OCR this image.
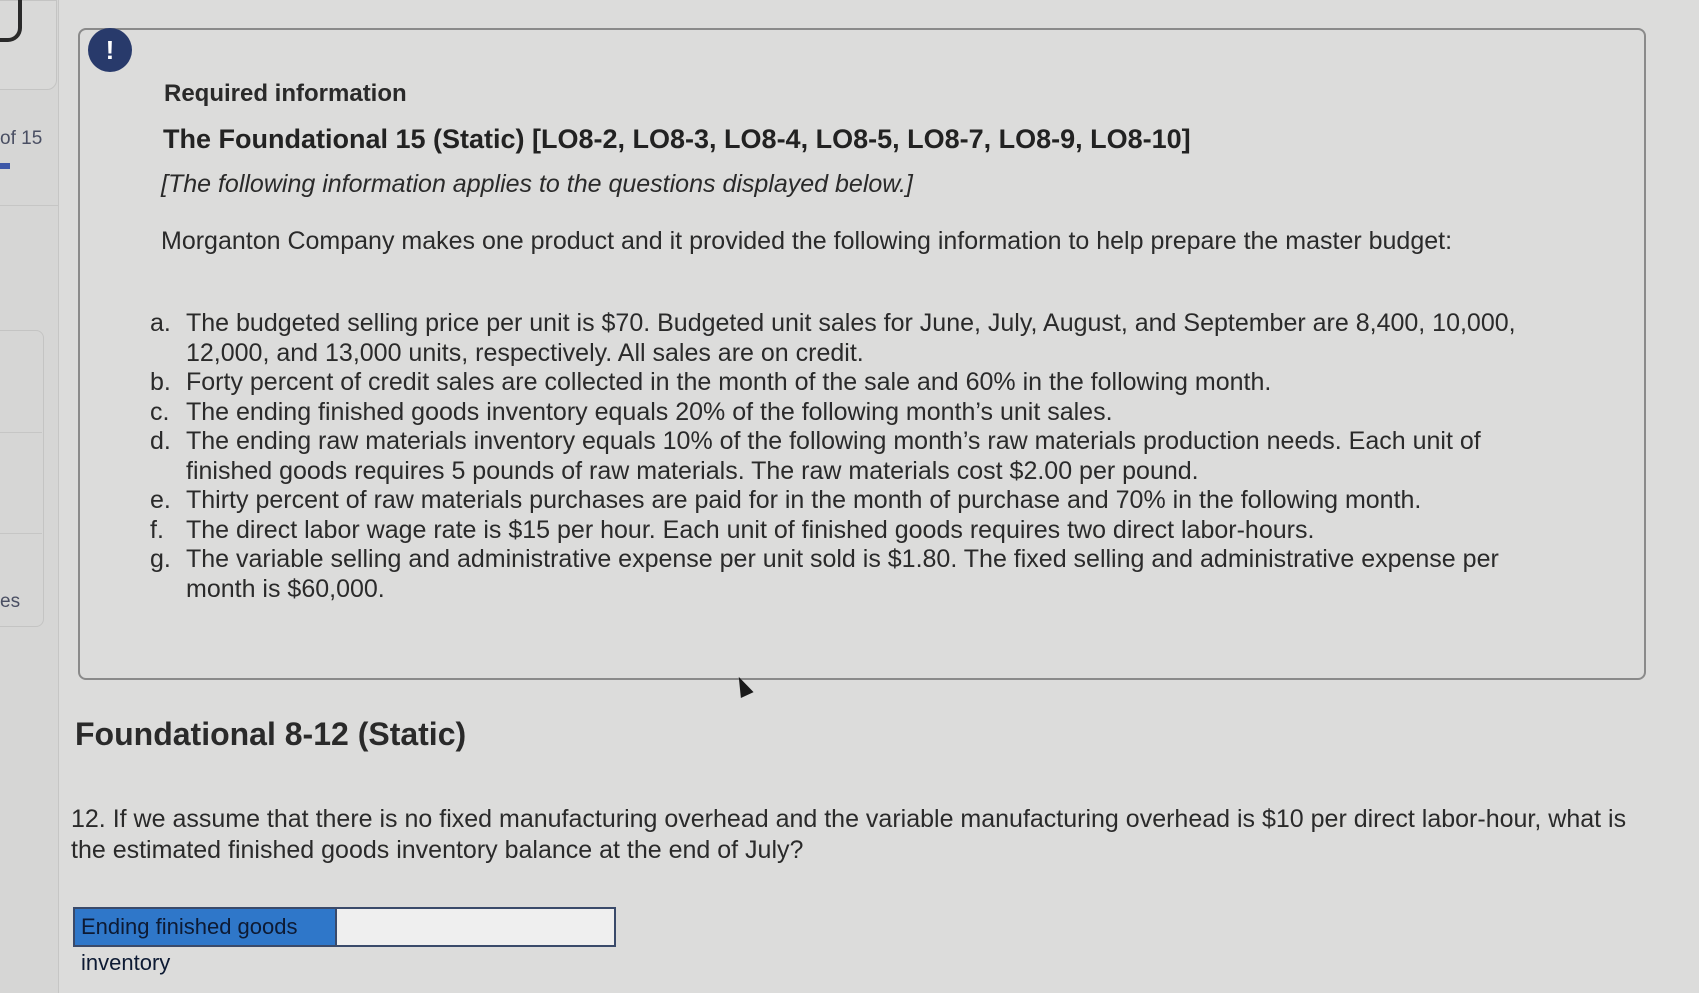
of 15
es
!
Required information
The Foundational 15 (Static) [LO8-2, LO8-3, LO8-4, LO8-5, LO8-7, LO8-9, LO8-10]
[The following information applies to the questions displayed below.]
Morganton Company makes one product and it provided the following information to help prepare the master budget:
a. The budgeted selling price per unit is $70. Budgeted unit sales for June, July, August, and September are 8,400, 10,000, 12,000, and 13,000 units, respectively. All sales are on credit.
b. Forty percent of credit sales are collected in the month of the sale and 60% in the following month.
c. The ending finished goods inventory equals 20% of the following month’s unit sales.
d. The ending raw materials inventory equals 10% of the following month’s raw materials production needs. Each unit of finished goods requires 5 pounds of raw materials. The raw materials cost $2.00 per pound.
e. Thirty percent of raw materials purchases are paid for in the month of purchase and 70% in the following month.
f. The direct labor wage rate is $15 per hour. Each unit of finished goods requires two direct labor-hours.
g. The variable selling and administrative expense per unit sold is $1.80. The fixed selling and administrative expense per month is $60,000.
Foundational 8-12 (Static)
12. If we assume that there is no fixed manufacturing overhead and the variable manufacturing overhead is $10 per direct labor-hour, what is the estimated finished goods inventory balance at the end of July?
Ending finished goods inventory
